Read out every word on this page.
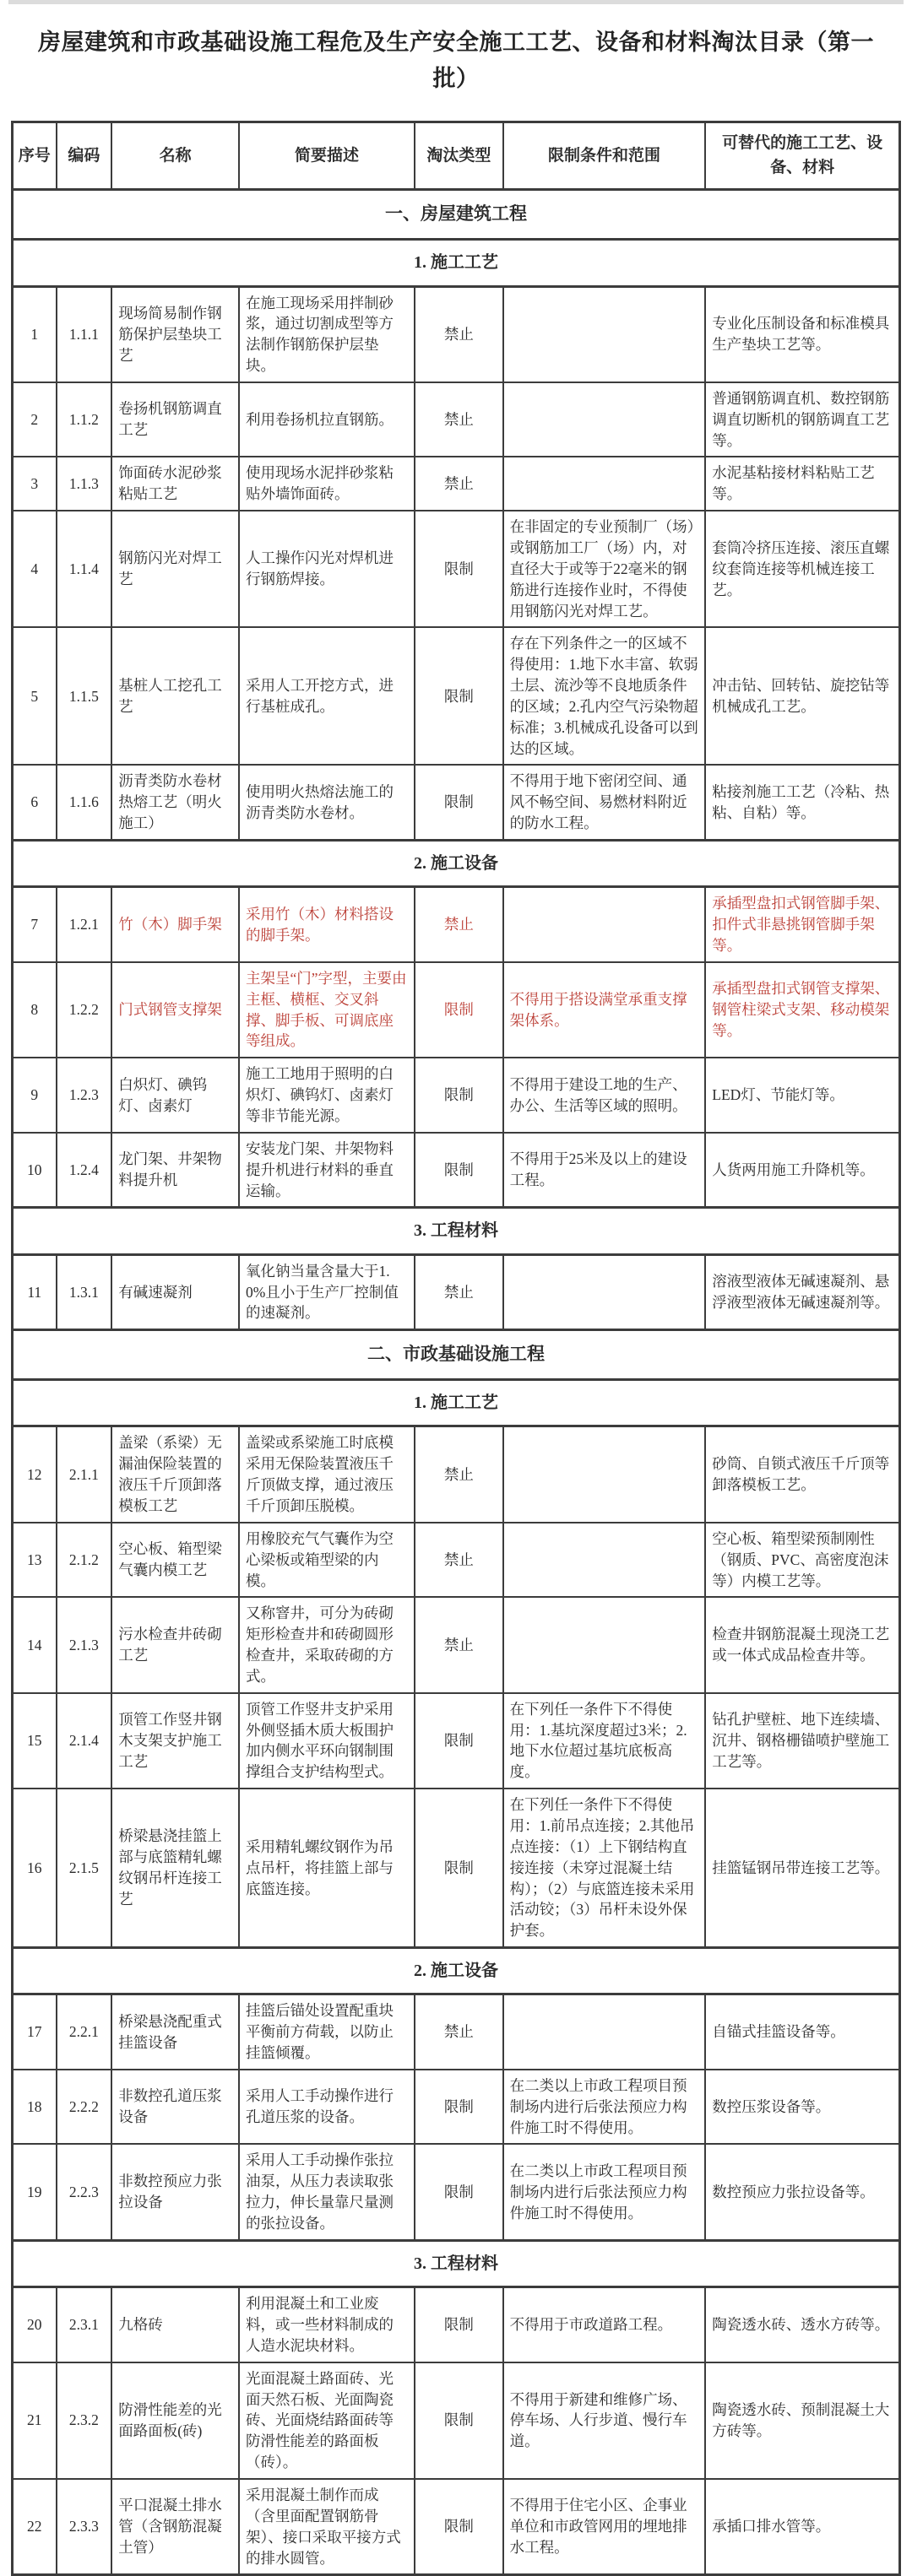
房屋建筑和市政基础设施工程危及生产安全施工工艺、设备和材料淘汰目录（第一批）
序号	编码	名称	简要描述	淘汰类型	限制条件和范围	可替代的施工工艺、设备、材料
一、房屋建筑工程						
1. 施工工艺						
1	1.1.1	现场简易制作钢筋保护层垫块工艺	在施工现场采用拌制砂浆，通过切割成型等方法制作钢筋保护层垫块。	禁止		专业化压制设备和标准模具生产垫块工艺等。
2	1.1.2	卷扬机钢筋调直工艺	利用卷扬机拉直钢筋。	禁止		普通钢筋调直机、数控钢筋调直切断机的钢筋调直工艺等。
3	1.1.3	饰面砖水泥砂浆粘贴工艺	使用现场水泥拌砂浆粘贴外墙饰面砖。	禁止		水泥基粘接材料粘贴工艺等。
4	1.1.4	钢筋闪光对焊工艺	人工操作闪光对焊机进行钢筋焊接。	限制	在非固定的专业预制厂（场）或钢筋加工厂（场）内，对直径大于或等于22毫米的钢筋进行连接作业时，不得使用钢筋闪光对焊工艺。	套筒冷挤压连接、滚压直螺纹套筒连接等机械连接工艺。
5	1.1.5	基桩人工挖孔工艺	采用人工开挖方式，进行基桩成孔。	限制	存在下列条件之一的区域不得使用：1.地下水丰富、软弱土层、流沙等不良地质条件的区域；2.孔内空气污染物超标准；3.机械成孔设备可以到达的区域。	冲击钻、回转钻、旋挖钻等机械成孔工艺。
6	1.1.6	沥青类防水卷材热熔工艺（明火施工）	使用明火热熔法施工的沥青类防水卷材。	限制	不得用于地下密闭空间、通风不畅空间、易燃材料附近的防水工程。	粘接剂施工工艺（冷粘、热粘、自粘）等。
2. 施工设备						
7	1.2.1	竹（木）脚手架	采用竹（木）材料搭设的脚手架。	禁止		承插型盘扣式钢管脚手架、扣件式非悬挑钢管脚手架等。
8	1.2.2	门式钢管支撑架	主架呈“门”字型，主要由主框、横框、交叉斜撑、脚手板、可调底座等组成。	限制	不得用于搭设满堂承重支撑架体系。	承插型盘扣式钢管支撑架、钢管柱梁式支架、移动模架等。
9	1.2.3	白炽灯、碘钨灯、卤素灯	施工工地用于照明的白炽灯、碘钨灯、卤素灯等非节能光源。	限制	不得用于建设工地的生产、办公、生活等区域的照明。	LED灯、节能灯等。
10	1.2.4	龙门架、井架物料提升机	安装龙门架、井架物料提升机进行材料的垂直运输。	限制	不得用于25米及以上的建设工程。	人货两用施工升降机等。
3. 工程材料						
11	1.3.1	有碱速凝剂	氧化钠当量含量大于1.0%且小于生产厂控制值的速凝剂。	禁止		溶液型液体无碱速凝剂、悬浮液型液体无碱速凝剂等。
二、市政基础设施工程						
1. 施工工艺						
12	2.1.1	盖梁（系梁）无漏油保险装置的液压千斤顶卸落模板工艺	盖梁或系梁施工时底模采用无保险装置液压千斤顶做支撑，通过液压千斤顶卸压脱模。	禁止		砂筒、自锁式液压千斤顶等卸落模板工艺。
13	2.1.2	空心板、箱型梁气囊内模工艺	用橡胶充气气囊作为空心梁板或箱型梁的内模。	禁止		空心板、箱型梁预制刚性（钢质、PVC、高密度泡沫等）内模工艺等。
14	2.1.3	污水检查井砖砌工艺	又称窨井，可分为砖砌矩形检查井和砖砌圆形检查井，采取砖砌的方式。	禁止		检查井钢筋混凝土现浇工艺或一体式成品检查井等。
15	2.1.4	顶管工作竖井钢木支架支护施工工艺	顶管工作竖井支护采用外侧竖插木质大板围护加内侧水平环向钢制围撑组合支护结构型式。	限制	在下列任一条件下不得使用：1.基坑深度超过3米；2.地下水位超过基坑底板高度。	钻孔护壁桩、地下连续墙、沉井、钢格栅锚喷护壁施工工艺等。
16	2.1.5	桥梁悬浇挂篮上部与底篮精轧螺纹钢吊杆连接工艺	采用精轧螺纹钢作为吊点吊杆，将挂篮上部与底篮连接。	限制	在下列任一条件下不得使用：1.前吊点连接；2.其他吊点连接：（1）上下钢结构直接连接（未穿过混凝土结构）；（2）与底篮连接未采用活动铰；（3）吊杆未设外保护套。	挂篮锰钢吊带连接工艺等。
2. 施工设备						
17	2.2.1	桥梁悬浇配重式挂篮设备	挂篮后锚处设置配重块平衡前方荷载，以防止挂篮倾覆。	禁止		自锚式挂篮设备等。
18	2.2.2	非数控孔道压浆设备	采用人工手动操作进行孔道压浆的设备。	限制	在二类以上市政工程项目预制场内进行后张法预应力构件施工时不得使用。	数控压浆设备等。
19	2.2.3	非数控预应力张拉设备	采用人工手动操作张拉油泵，从压力表读取张拉力，伸长量靠尺量测的张拉设备。	限制	在二类以上市政工程项目预制场内进行后张法预应力构件施工时不得使用。	数控预应力张拉设备等。
3. 工程材料						
20	2.3.1	九格砖	利用混凝土和工业废料，或一些材料制成的人造水泥块材料。	限制	不得用于市政道路工程。	陶瓷透水砖、透水方砖等。
21	2.3.2	防滑性能差的光面路面板(砖)	光面混凝土路面砖、光面天然石板、光面陶瓷砖、光面烧结路面砖等防滑性能差的路面板（砖）。	限制	不得用于新建和维修广场、停车场、人行步道、慢行车道。	陶瓷透水砖、预制混凝土大方砖等。
22	2.3.3	平口混凝土排水管（含钢筋混凝土管）	采用混凝土制作而成（含里面配置钢筋骨架）、接口采取平接方式的排水圆管。	限制	不得用于住宅小区、企事业单位和市政管网用的埋地排水工程。	承插口排水管等。
